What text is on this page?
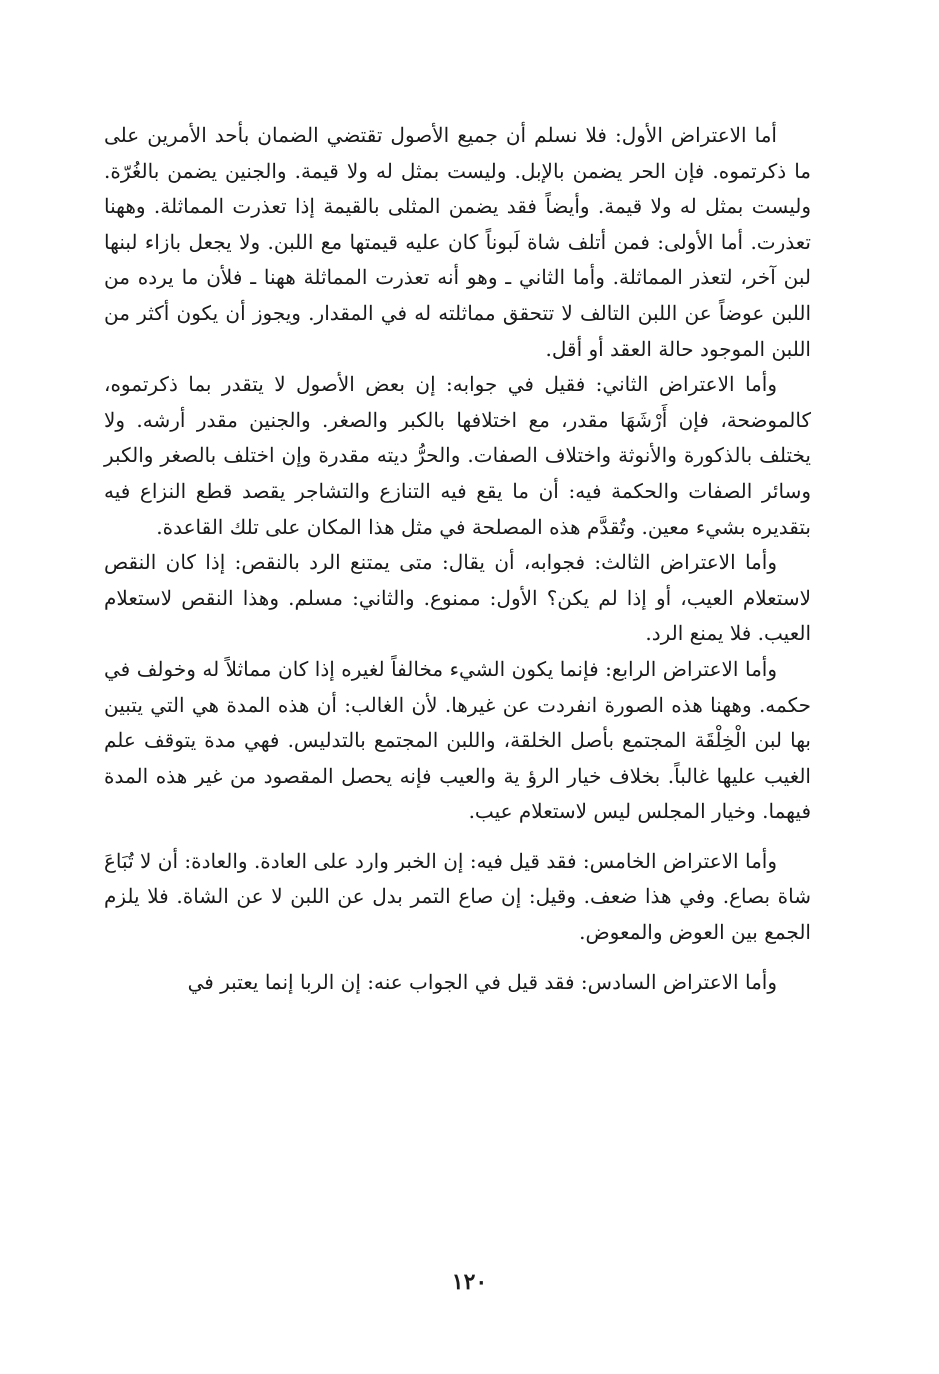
أما الاعتراض الأول: فلا نسلم أن جميع الأصول تقتضي الضمان بأحد الأمرين على ما ذكرتموه. فإن الحر يضمن بالإبل. وليست بمثل له ولا قيمة. والجنين يضمن بالغُرّة. وليست بمثل له ولا قيمة. وأيضاً فقد يضمن المثلى بالقيمة إذا تعذرت المماثلة. وههنا تعذرت. أما الأولى: فمن أتلف شاة لَبوناً كان عليه قيمتها مع اللبن. ولا يجعل بازاء لبنها لبن آخر، لتعذر المماثلة. وأما الثاني ـ وهو أنه تعذرت المماثلة ههنا ـ فلأن ما يرده من اللبن عوضاً عن اللبن التالف لا تتحقق مماثلته له في المقدار. ويجوز أن يكون أكثر من اللبن الموجود حالة العقد أو أقل.

وأما الاعتراض الثاني: فقيل في جوابه: إن بعض الأصول لا يتقدر بما ذكرتموه، كالموضحة، فإن أَرْشَهَا مقدر، مع اختلافها بالكبر والصغر. والجنين مقدر أرشه. ولا يختلف بالذكورة والأنوثة واختلاف الصفات. والحرُّ ديته مقدرة وإن اختلف بالصغر والكبر وسائر الصفات والحكمة فيه: أن ما يقع فيه التنازع والتشاجر يقصد قطع النزاع فيه بتقديره بشيء معين. وتُقدَّم هذه المصلحة في مثل هذا المكان على تلك القاعدة.

وأما الاعتراض الثالث: فجوابه، أن يقال: متى يمتنع الرد بالنقص: إذا كان النقص لاستعلام العيب، أو إذا لم يكن؟ الأول: ممنوع. والثاني: مسلم. وهذا النقص لاستعلام العيب. فلا يمنع الرد.

وأما الاعتراض الرابع: فإنما يكون الشيء مخالفاً لغيره إذا كان مماثلاً له وخولف في حكمه. وههنا هذه الصورة انفردت عن غيرها. لأن الغالب: أن هذه المدة هي التي يتبين بها لبن الْخِلْقَة المجتمع بأصل الخلقة، واللبن المجتمع بالتدليس. فهي مدة يتوقف علم الغيب عليها غالباً. بخلاف خيار الرؤ ية والعيب فإنه يحصل المقصود من غير هذه المدة فيهما. وخيار المجلس ليس لاستعلام عيب.

وأما الاعتراض الخامس: فقد قيل فيه: إن الخبر وارد على العادة. والعادة: أن لا تُبَاعَ شاة بصاع. وفي هذا ضعف. وقيل: إن صاع التمر بدل عن اللبن لا عن الشاة. فلا يلزم الجمع بين العوض والمعوض.

وأما الاعتراض السادس: فقد قيل في الجواب عنه: إن الربا إنما يعتبر في

١٢٠
